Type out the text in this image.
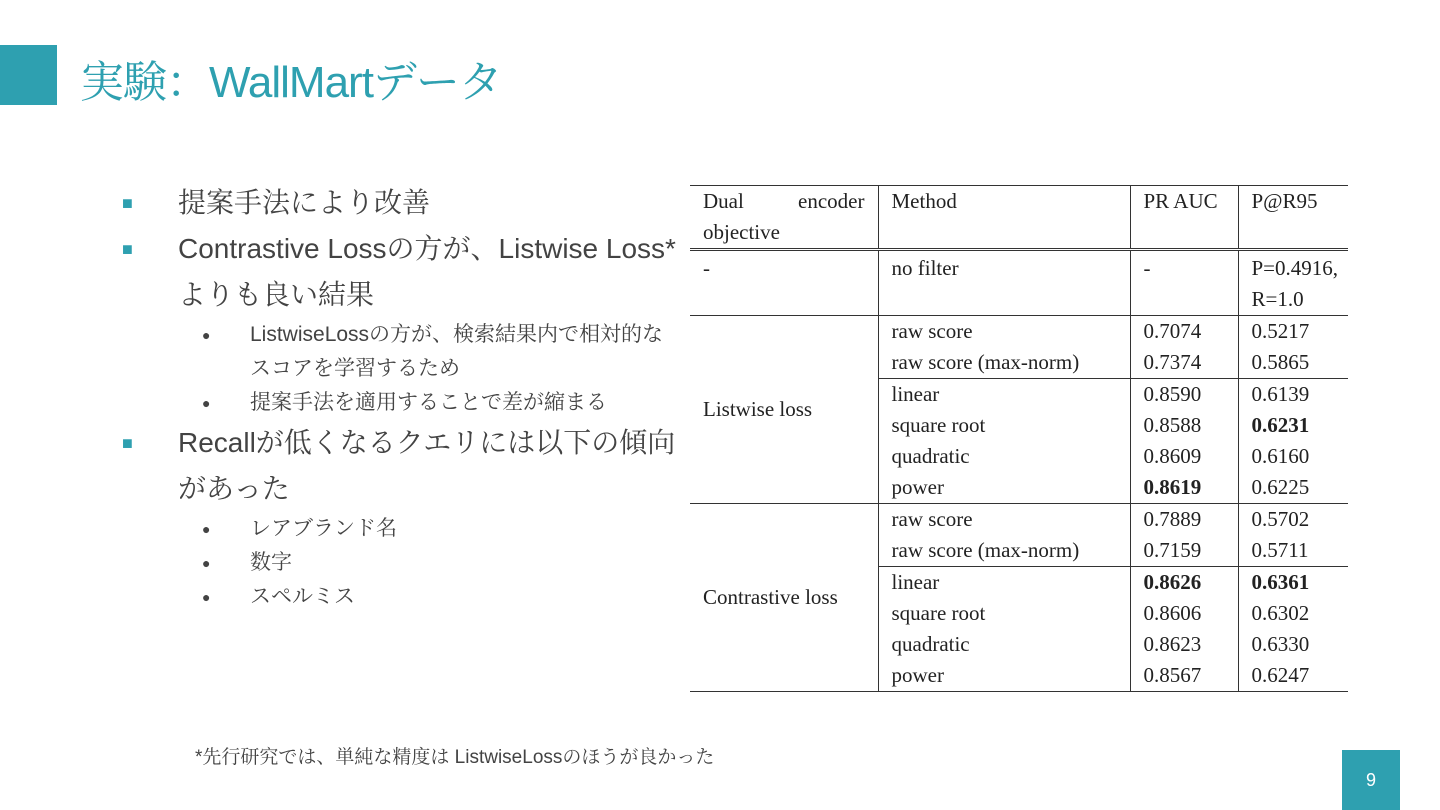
実験：WallMartデータ
■	提案手法により改善
■	Contrastive Lossの方が、Listwise Loss*よりも良い結果
● ListwiseLossの方が、検索結果内で相対的なスコアを学習するため
● 提案手法を適用することで差が縮まる
■	Recallが低くなるクエリには以下の傾向があった
● レアブランド名
● 数字
● スペルミス
Dual encoder objective	Method	PR AUC	P@R95
-	no filter	-	P=0.4916, R=1.0
Listwise loss	raw score	0.7074	0.5217
	raw score (max-norm)	0.7374	0.5865
	linear	0.8590	0.6139
	square root	0.8588	0.6231
	quadratic	0.8609	0.6160
	power	0.8619	0.6225
Contrastive loss	raw score	0.7889	0.5702
	raw score (max-norm)	0.7159	0.5711
	linear	0.8626	0.6361
	square root	0.8606	0.6302
	quadratic	0.8623	0.6330
	power	0.8567	0.6247
*先行研究では、単純な精度は ListwiseLossのほうが良かった
9
